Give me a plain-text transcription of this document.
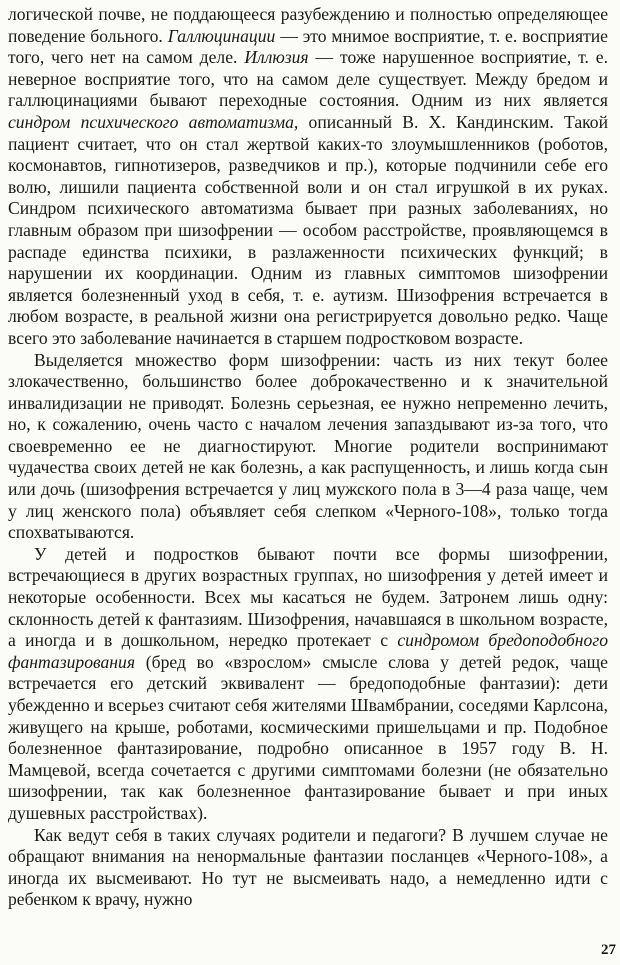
логической почве, не поддающееся разубеждению и полностью определяющее поведение больного. Галлюцинации — это мнимое восприятие, т. е. восприятие того, чего нет на самом деле. Иллюзия — тоже нарушенное восприятие, т. е. неверное восприятие того, что на самом деле существует. Между бредом и галлюцинациями бывают переходные состояния. Одним из них является синдром психического автоматизма, описанный В. Х. Кандинским. Такой пациент считает, что он стал жертвой каких-то злоумышленников (роботов, космонавтов, гипнотизеров, разведчиков и пр.), которые подчинили себе его волю, лишили пациента собственной воли и он стал игрушкой в их руках. Синдром психического автоматизма бывает при разных заболеваниях, но главным образом при шизофрении — особом расстройстве, проявляющемся в распаде единства психики, в разлаженности психических функций; в нарушении их координации. Одним из главных симптомов шизофрении является болезненный уход в себя, т. е. аутизм. Шизофрения встречается в любом возрасте, в реальной жизни она регистрируется довольно редко. Чаще всего это заболевание начинается в старшем подростковом возрасте.

Выделяется множество форм шизофрении: часть из них текут более злокачественно, большинство более доброкачественно и к значительной инвалидизации не приводят. Болезнь серьезная, ее нужно непременно лечить, но, к сожалению, очень часто с началом лечения запаздывают из-за того, что своевременно ее не диагностируют. Многие родители воспринимают чудачества своих детей не как болезнь, а как распущенность, и лишь когда сын или дочь (шизофрения встречается у лиц мужского пола в 3—4 раза чаще, чем у лиц женского пола) объявляет себя слепком «Черного-108», только тогда спохватываются.

У детей и подростков бывают почти все формы шизофрении, встречающиеся в других возрастных группах, но шизофрения у детей имеет и некоторые особенности. Всех мы касаться не будем. Затронем лишь одну: склонность детей к фантазиям. Шизофрения, начавшаяся в школьном возрасте, а иногда и в дошкольном, нередко протекает с синдромом бредоподобного фантазирования (бред во «взрослом» смысле слова у детей редок, чаще встречается его детский эквивалент — бредоподобные фантазии): дети убежденно и всерьез считают себя жителями Швамбрании, соседями Карлсона, живущего на крыше, роботами, космическими пришельцами и пр. Подобное болезненное фантазирование, подробно описанное в 1957 году В. Н. Мамцевой, всегда сочетается с другими симптомами болезни (не обязательно шизофрении, так как болезненное фантазирование бывает и при иных душевных расстройствах).

Как ведут себя в таких случаях родители и педагоги? В лучшем случае не обращают внимания на ненормальные фантазии посланцев «Черного-108», а иногда их высмеивают. Но тут не высмеивать надо, а немедленно идти с ребенком к врачу, нужно

27
